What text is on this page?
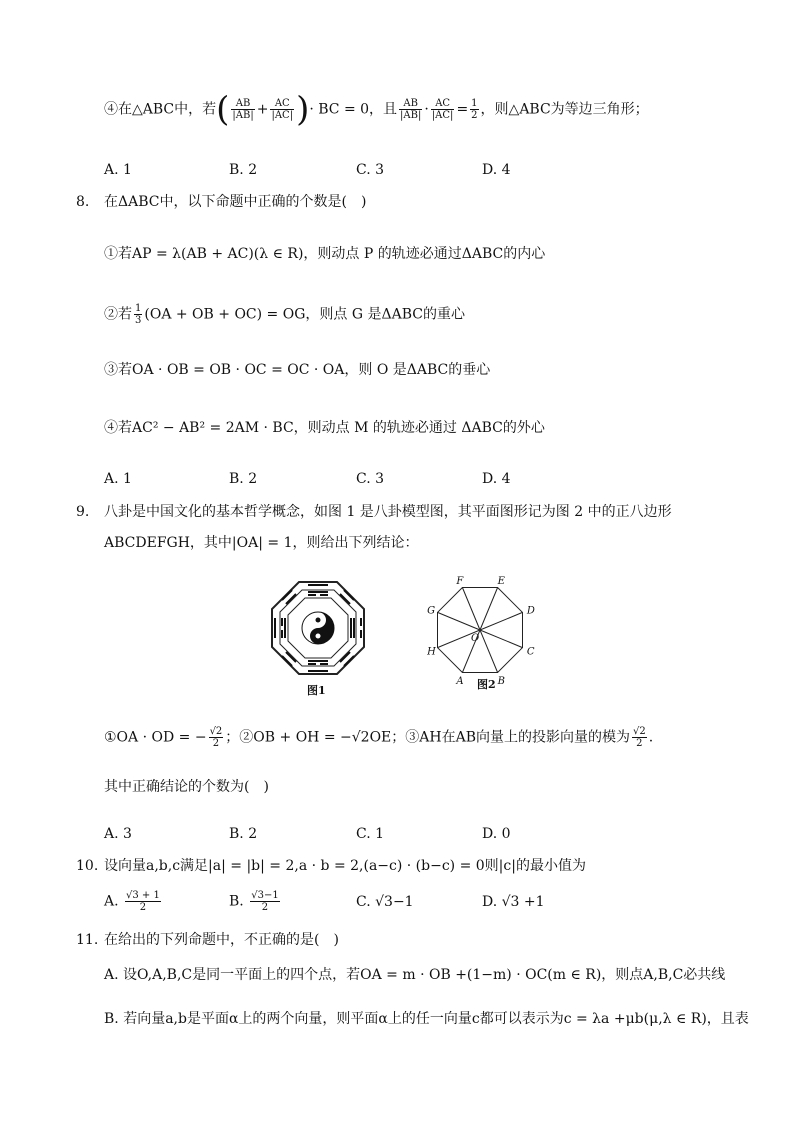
④在△ABC中，若( $\frac{AB}{|AB|} + \frac{AC}{|AC|}$ )· BC = 0，且 $\frac{AB}{|AB|} \cdot \frac{AC}{|AC|} = \frac{1}{2}$ ，则△ABC为等边三角形；
A. 1	B. 2	C. 3	D. 4
8. 在ΔABC中，以下命题中正确的个数是(　)
①若AP = λ(AB + AC)(λ ∈ R)，则动点 P 的轨迹必通过ΔABC的内心
②若 $\frac{1}{3} (OA$ + OB + OC) = OG，则点 G 是ΔABC的重心
③若OA · OB = OB · OC = OC · OA，则 O 是ΔABC的垂心
④若AC² − AB² = 2AM · BC，则动点 M 的轨迹必通过 ΔABC的外心
A. 1	B. 2	C. 3	D. 4
9. 八卦是中国文化的基本哲学概念，如图 1 是八卦模型图，其平面图形记为图 2 中的正八边形
ABCDEFGH，其中|OA| = 1，则给出下列结论：
图1
A	B
C
D
E
F
G
H
O
图2
①OA · OD = − $\frac{√2}{2}$ ；②OB + OH = −√2OE；③AH在AB向量上的投影向量的模为 $\frac{√2}{2}$ .
其中正确结论的个数为(　)
A. 3	B. 2	C. 1	D. 0
10. 设向量a,b,c满足|a| = |b| = 2,a · b = 2,(a−c) · (b−c) = 0则|c|的最小值为
A. $\frac{√3 + 1}{2}$	B. $\frac{√3-1}{2}$	C. √3−1	D. √3 +1
11. 在给出的下列命题中，不正确的是(　)
A. 设O,A,B,C是同一平面上的四个点，若OA = m · OB +(1−m) · OC(m ∈ R)，则点A,B,C必共线
B. 若向量a,b是平面α上的两个向量，则平面α上的任一向量c都可以表示为c = λa +μb(μ,λ ∈ R)，且表
